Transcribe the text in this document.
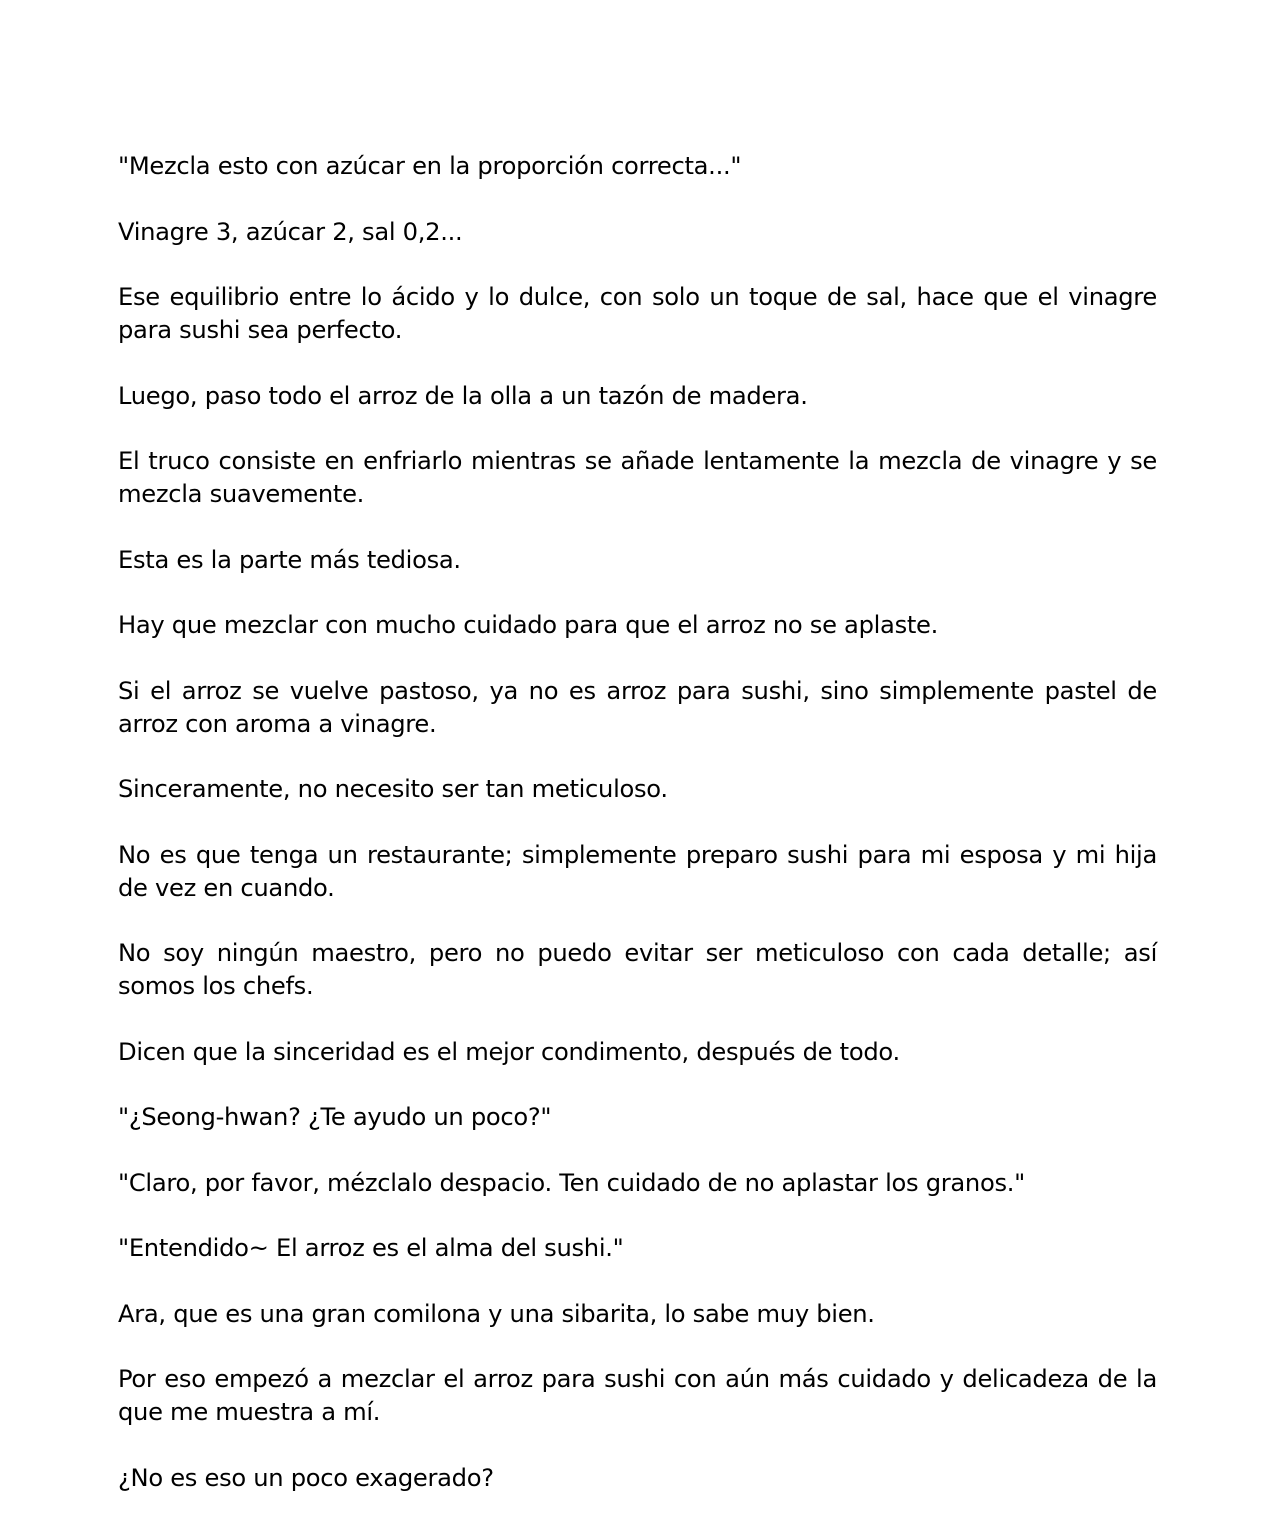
"Mezcla esto con azúcar en la proporción correcta..."

Vinagre 3, azúcar 2, sal 0,2...

Ese equilibrio entre lo ácido y lo dulce, con solo un toque de sal, hace que el vinagre para sushi sea perfecto.

Luego, paso todo el arroz de la olla a un tazón de madera.

El truco consiste en enfriarlo mientras se añade lentamente la mezcla de vinagre y se mezcla suavemente.

Esta es la parte más tediosa.

Hay que mezclar con mucho cuidado para que el arroz no se aplaste.

Si el arroz se vuelve pastoso, ya no es arroz para sushi, sino simplemente pastel de arroz con aroma a vinagre.

Sinceramente, no necesito ser tan meticuloso.

No es que tenga un restaurante; simplemente preparo sushi para mi esposa y mi hija de vez en cuando.

No soy ningún maestro, pero no puedo evitar ser meticuloso con cada detalle; así somos los chefs.

Dicen que la sinceridad es el mejor condimento, después de todo.

"¿Seong-hwan? ¿Te ayudo un poco?"

"Claro, por favor, mézclalo despacio. Ten cuidado de no aplastar los granos."

"Entendido~ El arroz es el alma del sushi."

Ara, que es una gran comilona y una sibarita, lo sabe muy bien.

Por eso empezó a mezclar el arroz para sushi con aún más cuidado y delicadeza de la que me muestra a mí.

¿No es eso un poco exagerado?
